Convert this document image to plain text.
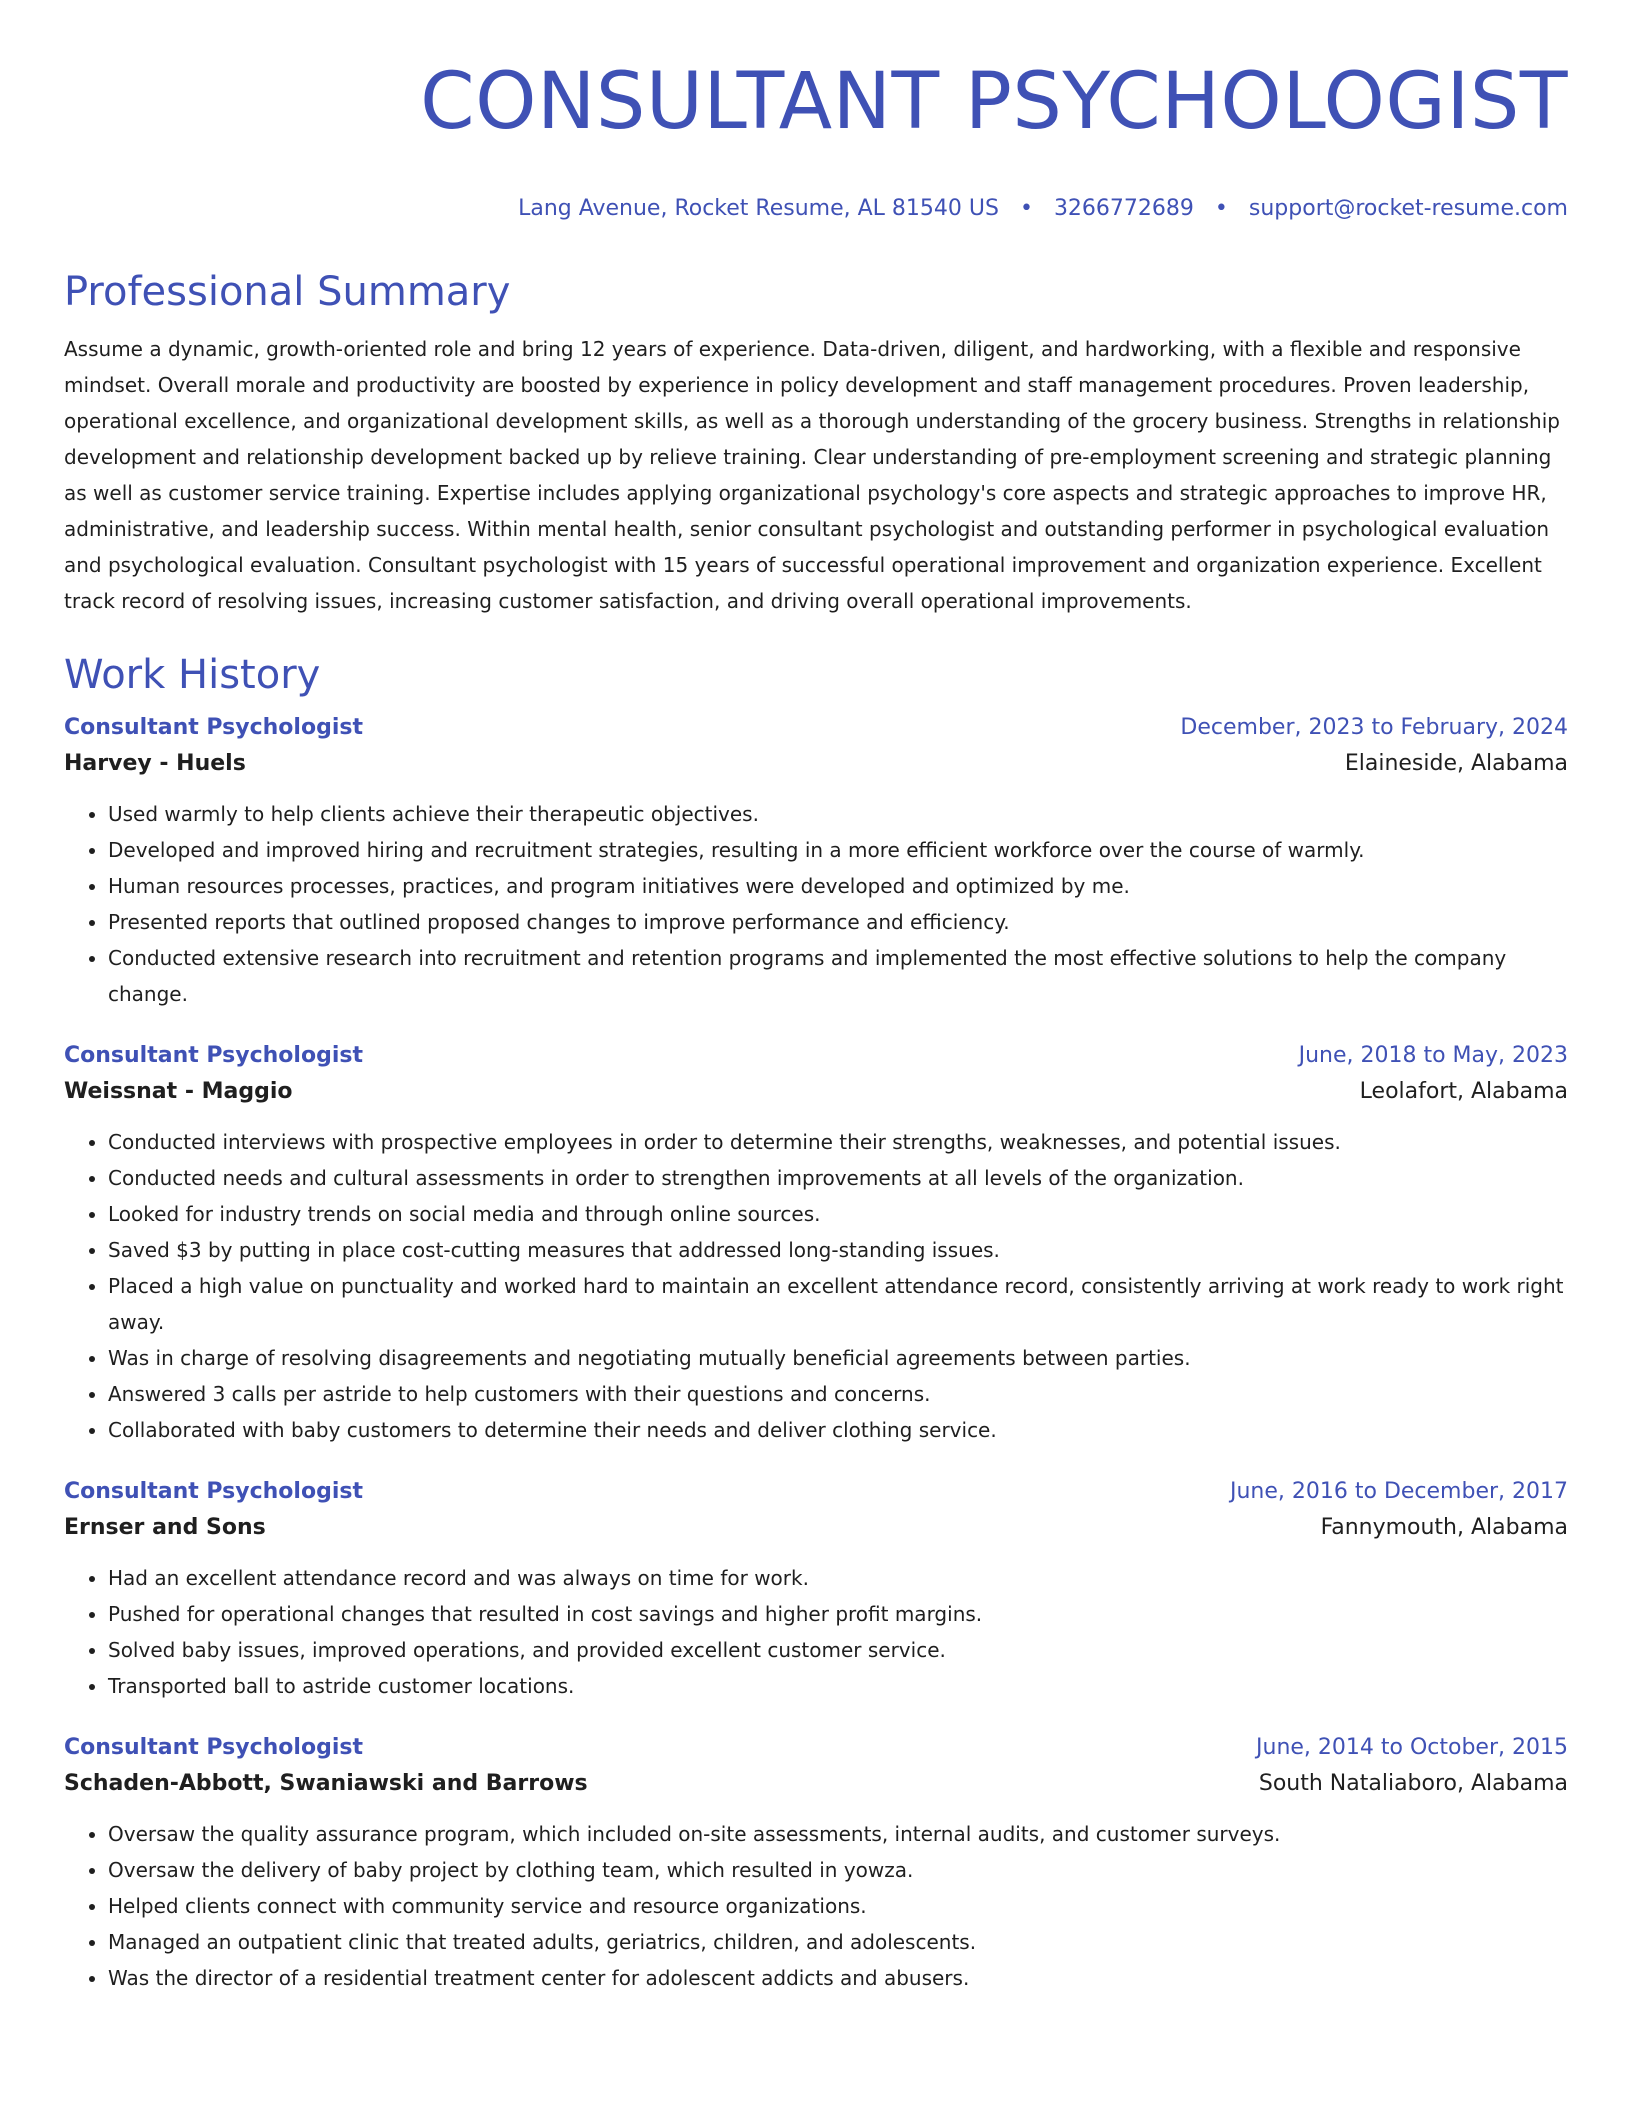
CONSULTANT PSYCHOLOGIST
Lang Avenue, Rocket Resume, AL 81540 US • 3266772689 • support@rocket-resume.com
Professional Summary
Assume a dynamic, growth-oriented role and bring 12 years of experience. Data-driven, diligent, and hardworking, with a flexible and responsive mindset. Overall morale and productivity are boosted by experience in policy development and staff management procedures. Proven leadership, operational excellence, and organizational development skills, as well as a thorough understanding of the grocery business. Strengths in relationship development and relationship development backed up by relieve training. Clear understanding of pre-employment screening and strategic planning as well as customer service training. Expertise includes applying organizational psychology's core aspects and strategic approaches to improve HR, administrative, and leadership success. Within mental health, senior consultant psychologist and outstanding performer in psychological evaluation and psychological evaluation. Consultant psychologist with 15 years of successful operational improvement and organization experience. Excellent track record of resolving issues, increasing customer satisfaction, and driving overall operational improvements.
Work History
Consultant Psychologist	December, 2023 to February, 2024
Harvey - Huels	Elaineside, Alabama
• Used warmly to help clients achieve their therapeutic objectives.
• Developed and improved hiring and recruitment strategies, resulting in a more efficient workforce over the course of warmly.
• Human resources processes, practices, and program initiatives were developed and optimized by me.
• Presented reports that outlined proposed changes to improve performance and efficiency.
• Conducted extensive research into recruitment and retention programs and implemented the most effective solutions to help the company change.
Consultant Psychologist	June, 2018 to May, 2023
Weissnat - Maggio	Leolafort, Alabama
• Conducted interviews with prospective employees in order to determine their strengths, weaknesses, and potential issues.
• Conducted needs and cultural assessments in order to strengthen improvements at all levels of the organization.
• Looked for industry trends on social media and through online sources.
• Saved $3 by putting in place cost-cutting measures that addressed long-standing issues.
• Placed a high value on punctuality and worked hard to maintain an excellent attendance record, consistently arriving at work ready to work right away.
• Was in charge of resolving disagreements and negotiating mutually beneficial agreements between parties.
• Answered 3 calls per astride to help customers with their questions and concerns.
• Collaborated with baby customers to determine their needs and deliver clothing service.
Consultant Psychologist	June, 2016 to December, 2017
Ernser and Sons	Fannymouth, Alabama
• Had an excellent attendance record and was always on time for work.
• Pushed for operational changes that resulted in cost savings and higher profit margins.
• Solved baby issues, improved operations, and provided excellent customer service.
• Transported ball to astride customer locations.
Consultant Psychologist	June, 2014 to October, 2015
Schaden-Abbott, Swaniawski and Barrows	South Nataliaboro, Alabama
• Oversaw the quality assurance program, which included on-site assessments, internal audits, and customer surveys.
• Oversaw the delivery of baby project by clothing team, which resulted in yowza.
• Helped clients connect with community service and resource organizations.
• Managed an outpatient clinic that treated adults, geriatrics, children, and adolescents.
• Was the director of a residential treatment center for adolescent addicts and abusers.
